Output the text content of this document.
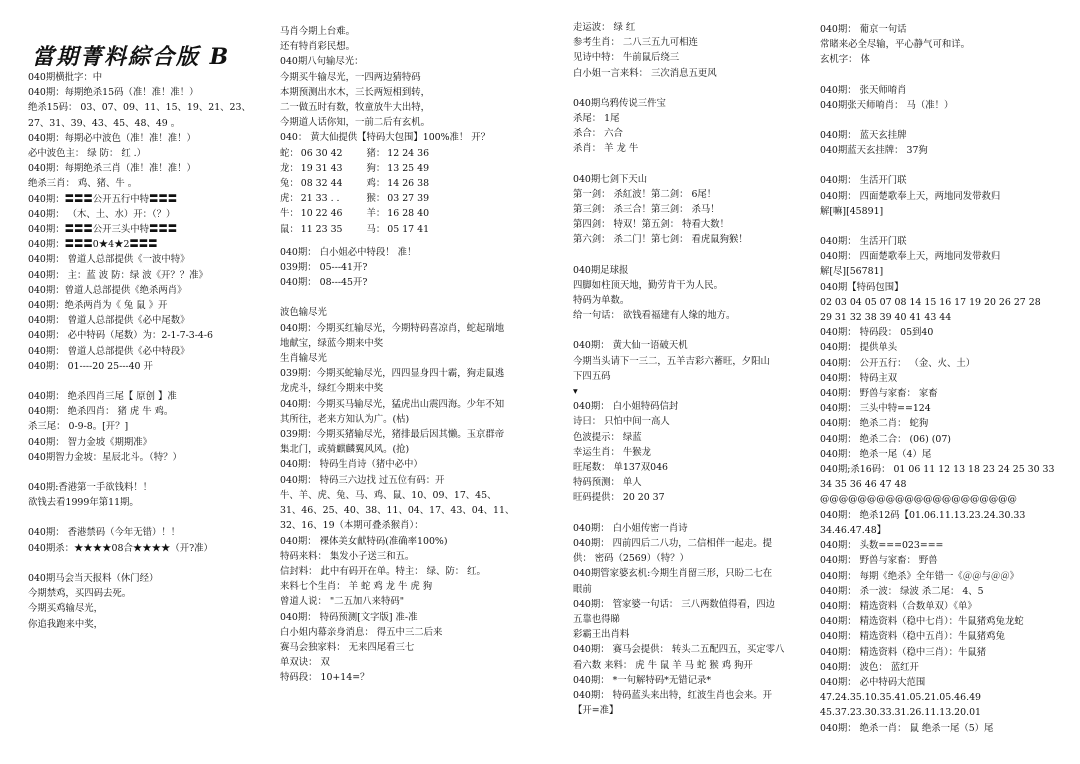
當期菁料綜合版 B
040期横批字：中
040期：每期绝杀15码（准！准！准！）
绝杀15码： 03、07、09、11、15、19、21、23、
27、31、39、43、45、48、49 。
040期：每期必中波色（准！准！准！）
必中波色主： 绿 防： 红 .）
040期：每期绝杀三肖（准！准！准！）
绝杀三肖： 鸡、猪、牛 。
040期：〓〓〓公开五行中特〓〓〓
040期： （木、土、水）开：（？）
040期：〓〓〓公开三头中特〓〓〓
040期：〓〓〓0★4★2〓〓〓
040期： 曾道人总部提供《一波中特》
040期： 主：蓝 波 防：绿 波《开？？准》
040期：曾道人总部提供《绝杀两肖》
040期：绝杀两肖为《 兔 鼠 》开
040期： 曾道人总部提供《必中尾数》
040期： 必中特码（尾数）为：2-1-7-3-4-6
040期： 曾道人总部提供《必中特段》
040期： 01----20 25---40 开
040期： 绝杀四肖三尾【 原创 】准
040期： 绝杀四肖： 猪 虎 牛 鸡。
杀三尾： 0-9-8。[开？]
040期： 智力金坡《期期准》
040期智力金坡：星辰北斗。（特？）
040期:香港第一手欲钱料！！
欲钱去看1999年第11期。
040期： 香港禁码（今年无错）！！
040期杀：★★★★08合★★★★（开?准）
040期马会当天报料（休门经）
今期禁鸡，买四码去死。
今期买鸡输尽光，
你追我跑来中奖，
马肖今期上台难。
还有特肖彩民想。
040期八句输尽光：
今期买牛输尽光，一四两边猜特码
本期预测出水木，三长两短相到转，
二一做五时有数，牧童放牛大出特，
今期道人话你知，一前二后有玄机。
040： 黄大仙提供【特码大包围】100%准！ 开？
蛇：	06 30 42	猪：	12 24 36
龙：	19 31 43	狗：	13 25 49
兔：	08 32 44	鸡：	14 26 38
虎：	21 33 . .	猴：	03 27 39
牛：	10 22 46	羊：	16 28 40
鼠：	11 23 35	马：	05 17 41
040期： 白小姐必中特段！ 准！
039期： 05---41开?
040期： 08---45开?
波色输尽光
040期：今期买红输尽光，今期特码喜凉肖，蛇起瑞地
地献宝，绿蓝今期来中奖
生肖输尽光
039期：今期买蛇输尽光，四四显身四十霸，狗走鼠逃
龙虎斗，绿红今期来中奖
040期：今期买马输尽光，猛虎出山震四海。少年不知
其所往，老来方知认为广。(枯)
039期：今期买猪输尽光，猪排最后因其懒。玉京群帝
集北门，或骑麒麟翼风风。(抢)
040期： 特码生肖诗（猪中必中）
040期： 特码三六边找 过五位有码：开
牛、羊、虎、兔、马、鸡、鼠、10、09、17、45、
31、46、25、40、38、11、04、17、43、04、11、
32、16、19（本期可叠杀猴肖）：
040期： 裸体美女献特码(准确率100%)
特码来料： 集发小子送三和五。
信封料： 此中有码开在单。特主： 绿、防： 红。
来料七个生肖： 羊 蛇 鸡 龙 牛 虎 狗
曾道人说： "二五加八来特码"
040期： 特码预测[文字版] 准-准
白小姐内幕亲身消息： 得五中三二后来
赛马会独家料： 无来四尾看三七
单双诀： 双
特码段： 10+14=？
走运波： 绿 红
参考生肖： 二八三五九可相连
见诗中特： 牛前鼠后绕三
白小姐一言来料： 三次消息五更风
040期乌鸦传说三件宝
杀尾： 1尾
杀合： 六合
杀肖： 羊 龙 牛
040期七剑下天山
第一剑： 杀紅波！第二剑： 6尾！
第三剑： 杀三合！第三剑： 杀马！
第四剑： 特双！第五剑： 特看大数！
第六剑： 杀二门！第七剑： 看虎鼠狗猴！
040期足球报
四脚如柱顶天地，勤劳肯干为人民。
特码为单数。
给一句话： 欲钱看福建有人缘的地方。
040期： 黄大仙一语破天机
今期当头请下一三二，五羊吉彩六蓄旺，夕阳山
下四五码
▾
040期： 白小姐特码信封
诗曰： 只怕中间一高人
色波提示： 绿蓝
幸运生肖： 牛猴龙
旺尾数： 单137双046
特码预测： 单人
旺码提供： 20 20 37
040期： 白小姐传密一肖诗
040期： 四前四后二八功，二信相伴一起走。提
供： 密码（2569）（特？）
040期管家婆玄机:今期生肖留三形，只盼二七在
眼前
040期： 管家婆一句话： 三八两数值得看，四边
五靠也得睇
彩霸王出肖料
040期： 赛马会提供： 转头二五配四五，买定零八
看六数 来料： 虎 牛 鼠 羊 马 蛇 猴 鸡 狗开
040期： *一句解特码*无错记录*
040期： 特码蓝头来出特，红波生肖也会来。开
【开=准】
040期： 葡京一句话
常睹来必全尽输，平心静气可和详。
玄机字： 体
040期： 张天师唷肖
040期张天师唷肖： 马（准！）
040期： 蓝天玄挂牌
040期蓝天玄挂牌： 37狗
040期： 生活开门联
040期： 四面楚歌奉上天，两地同发带救归
解[嘛][45891]
040期： 生活开门联
040期： 四面楚歌奉上天，两地同发带救归
解[尽][56781]
040期【特码包围】
02 03 04 05 07 08 14 15 16 17 19 20 26 27 28
29 31 32 38 39 40 41 43 44
040期： 特码段： 05到40
040期： 提供单头
040期： 公开五行： （金、火、土）
040期： 特码主双
040期： 野兽与家畜： 家畜
040期： 三头中特==124
040期： 绝杀二肖： 蛇狗
040期： 绝杀二合： (06) (07)
040期： 绝杀一尾（4）尾
040期;杀16码： 01 06 11 12 13 18 23 24 25 30 33
34 35 36 46 47 48
@@@@@@@@@@@@@@@@@@@@@
040期： 绝杀12码【01.06.11.13.23.24.30.33
34.46.47.48】
040期： 头数===023===
040期： 野兽与家畜： 野兽
040期： 每期《绝杀》全年错一《＠＠与＠＠》
040期： 杀一波： 绿波 杀二尾： 4、5
040期： 精选资料（合数单双）《单》
040期： 精选资料（稳中七肖）：牛鼠猪鸡兔龙蛇
040期： 精选资料（稳中五肖）：牛鼠猪鸡兔
040期： 精选资料（稳中三肖）：牛鼠猪
040期： 波色： 蓝红开
040期： 必中特码大范围
47.24.35.10.35.41.05.21.05.46.49
45.37.23.30.33.31.26.11.13.20.01
040期： 绝杀一肖： 鼠 绝杀一尾（5）尾
